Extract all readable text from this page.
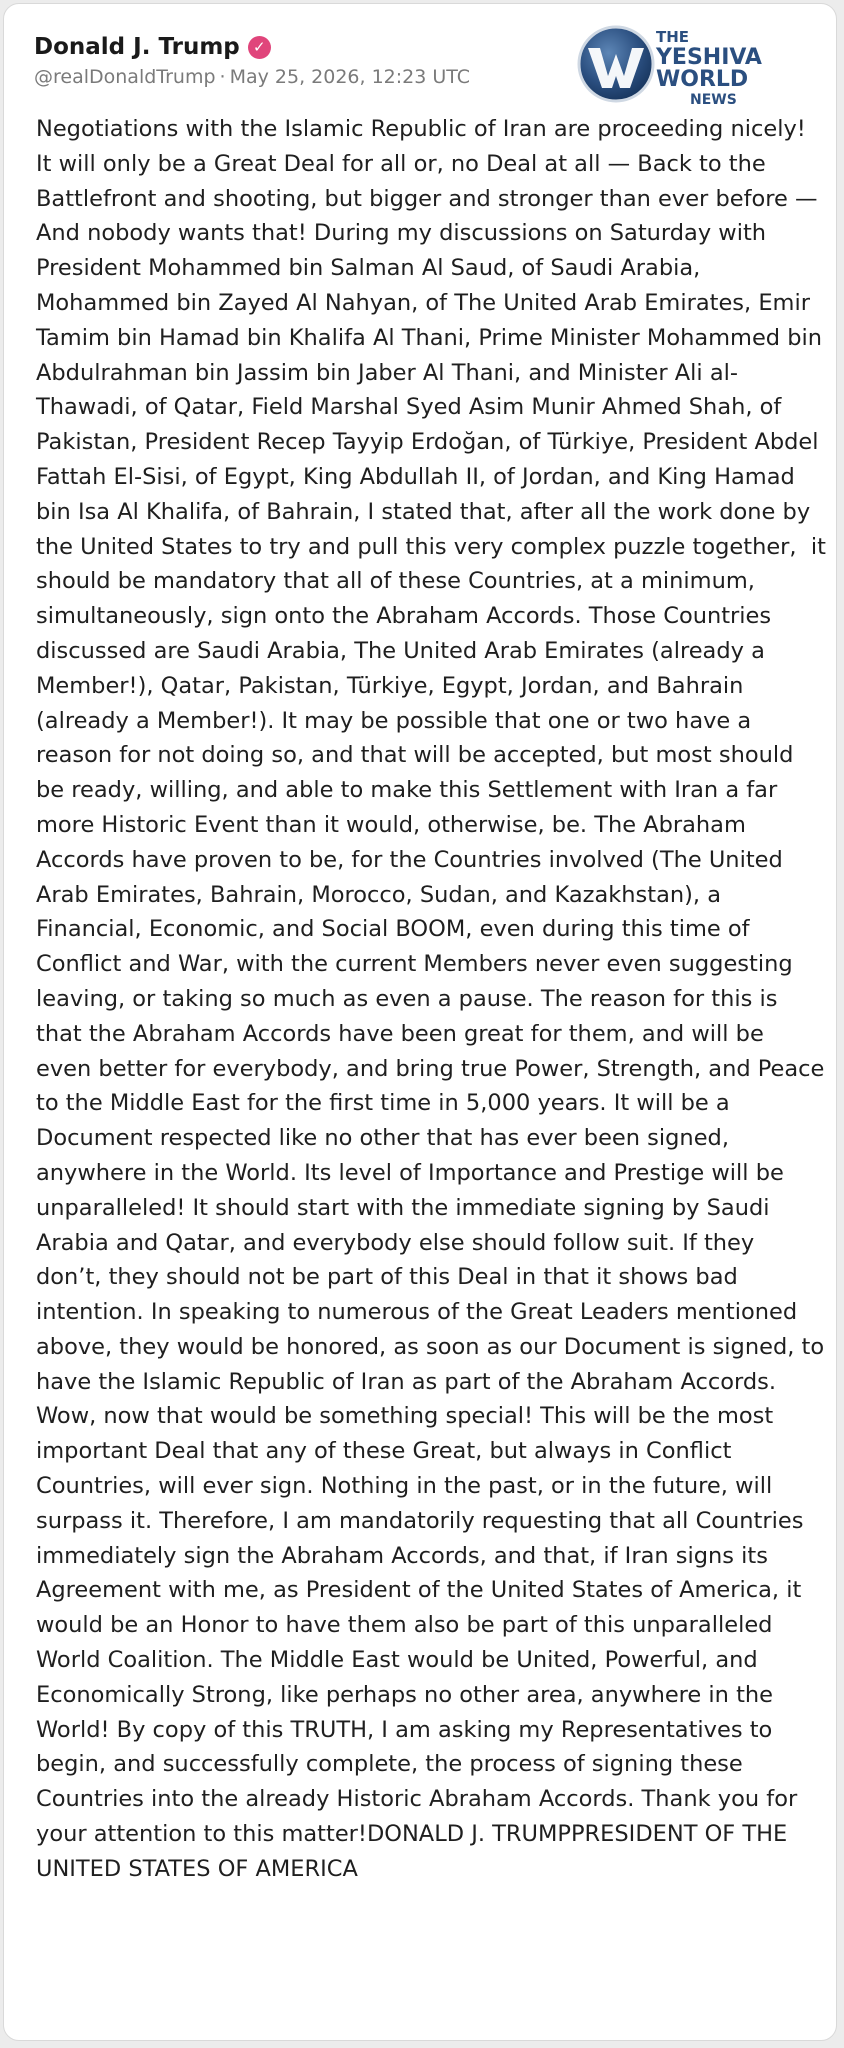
Donald J. Trump ✓
@realDonaldTrump · May 25, 2026, 12:23 UTC
THE
YESHIVA
WORLD
NEWS

Negotiations with the Islamic Republic of Iran are proceeding nicely! It will only be a Great Deal for all or, no Deal at all — Back to the Battlefront and shooting, but bigger and stronger than ever before — And nobody wants that! During my discussions on Saturday with President Mohammed bin Salman Al Saud, of Saudi Arabia, Mohammed bin Zayed Al Nahyan, of The United Arab Emirates, Emir Tamim bin Hamad bin Khalifa Al Thani, Prime Minister Mohammed bin Abdulrahman bin Jassim bin Jaber Al Thani, and Minister Ali al-Thawadi, of Qatar, Field Marshal Syed Asim Munir Ahmed Shah, of Pakistan, President Recep Tayyip Erdoğan, of Türkiye, President Abdel Fattah El-Sisi, of Egypt, King Abdullah II, of Jordan, and King Hamad bin Isa Al Khalifa, of Bahrain, I stated that, after all the work done by the United States to try and pull this very complex puzzle together,  it should be mandatory that all of these Countries, at a minimum, simultaneously, sign onto the Abraham Accords. Those Countries discussed are Saudi Arabia, The United Arab Emirates (already a Member!), Qatar, Pakistan, Türkiye, Egypt, Jordan, and Bahrain (already a Member!). It may be possible that one or two have a reason for not doing so, and that will be accepted, but most should be ready, willing, and able to make this Settlement with Iran a far more Historic Event than it would, otherwise, be. The Abraham Accords have proven to be, for the Countries involved (The United Arab Emirates, Bahrain, Morocco, Sudan, and Kazakhstan), a Financial, Economic, and Social BOOM, even during this time of Conflict and War, with the current Members never even suggesting leaving, or taking so much as even a pause. The reason for this is that the Abraham Accords have been great for them, and will be even better for everybody, and bring true Power, Strength, and Peace to the Middle East for the first time in 5,000 years. It will be a Document respected like no other that has ever been signed, anywhere in the World. Its level of Importance and Prestige will be unparalleled! It should start with the immediate signing by Saudi Arabia and Qatar, and everybody else should follow suit. If they don’t, they should not be part of this Deal in that it shows bad intention. In speaking to numerous of the Great Leaders mentioned above, they would be honored, as soon as our Document is signed, to have the Islamic Republic of Iran as part of the Abraham Accords. Wow, now that would be something special! This will be the most important Deal that any of these Great, but always in Conflict Countries, will ever sign. Nothing in the past, or in the future, will surpass it. Therefore, I am mandatorily requesting that all Countries immediately sign the Abraham Accords, and that, if Iran signs its Agreement with me, as President of the United States of America, it would be an Honor to have them also be part of this unparalleled World Coalition. The Middle East would be United, Powerful, and Economically Strong, like perhaps no other area, anywhere in the World! By copy of this TRUTH, I am asking my Representatives to begin, and successfully complete, the process of signing these Countries into the already Historic Abraham Accords. Thank you for your attention to this matter!DONALD J. TRUMPPRESIDENT OF THE UNITED STATES OF AMERICA
